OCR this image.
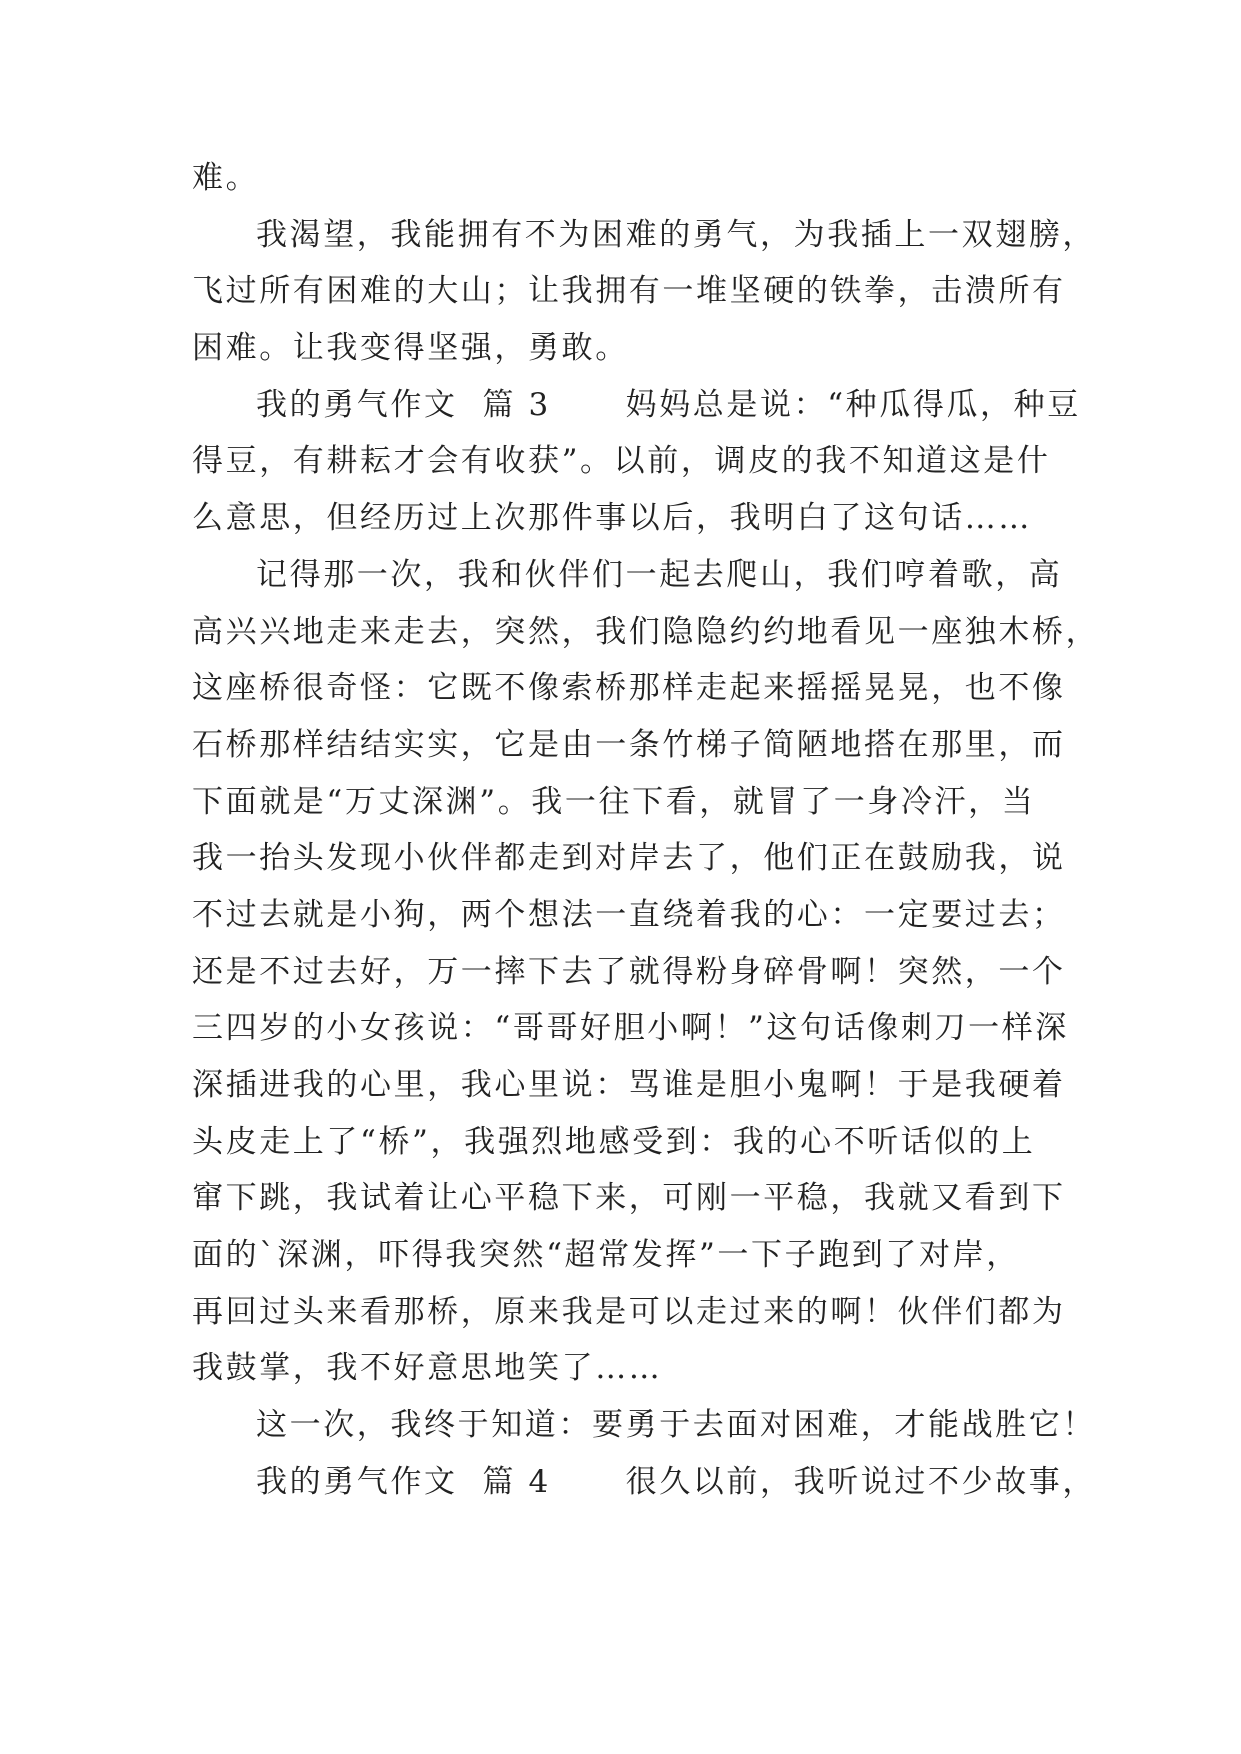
难。
我渴望，我能拥有不为困难的勇气，为我插上一双翅膀，
飞过所有困难的大山；让我拥有一堆坚硬的铁拳，击溃所有
困难。让我变得坚强，勇敢。
我的勇气作文  篇 3      妈妈总是说：“种瓜得瓜，种豆
得豆，有耕耘才会有收获”。以前，调皮的我不知道这是什
么意思，但经历过上次那件事以后，我明白了这句话……
记得那一次，我和伙伴们一起去爬山，我们哼着歌，高
高兴兴地走来走去，突然，我们隐隐约约地看见一座独木桥，
这座桥很奇怪：它既不像索桥那样走起来摇摇晃晃，也不像
石桥那样结结实实，它是由一条竹梯子简陋地搭在那里，而
下面就是“万丈深渊”。我一往下看，就冒了一身冷汗，当
我一抬头发现小伙伴都走到对岸去了，他们正在鼓励我，说
不过去就是小狗，两个想法一直绕着我的心：一定要过去；
还是不过去好，万一摔下去了就得粉身碎骨啊！突然，一个
三四岁的小女孩说：“哥哥好胆小啊！”这句话像刺刀一样深
深插进我的心里，我心里说：骂谁是胆小鬼啊！于是我硬着
头皮走上了“桥”，我强烈地感受到：我的心不听话似的上
窜下跳，我试着让心平稳下来，可刚一平稳，我就又看到下
面的`深渊，吓得我突然“超常发挥”一下子跑到了对岸，
再回过头来看那桥，原来我是可以走过来的啊！伙伴们都为
我鼓掌，我不好意思地笑了……
这一次，我终于知道：要勇于去面对困难，才能战胜它！
我的勇气作文  篇 4      很久以前，我听说过不少故事，
